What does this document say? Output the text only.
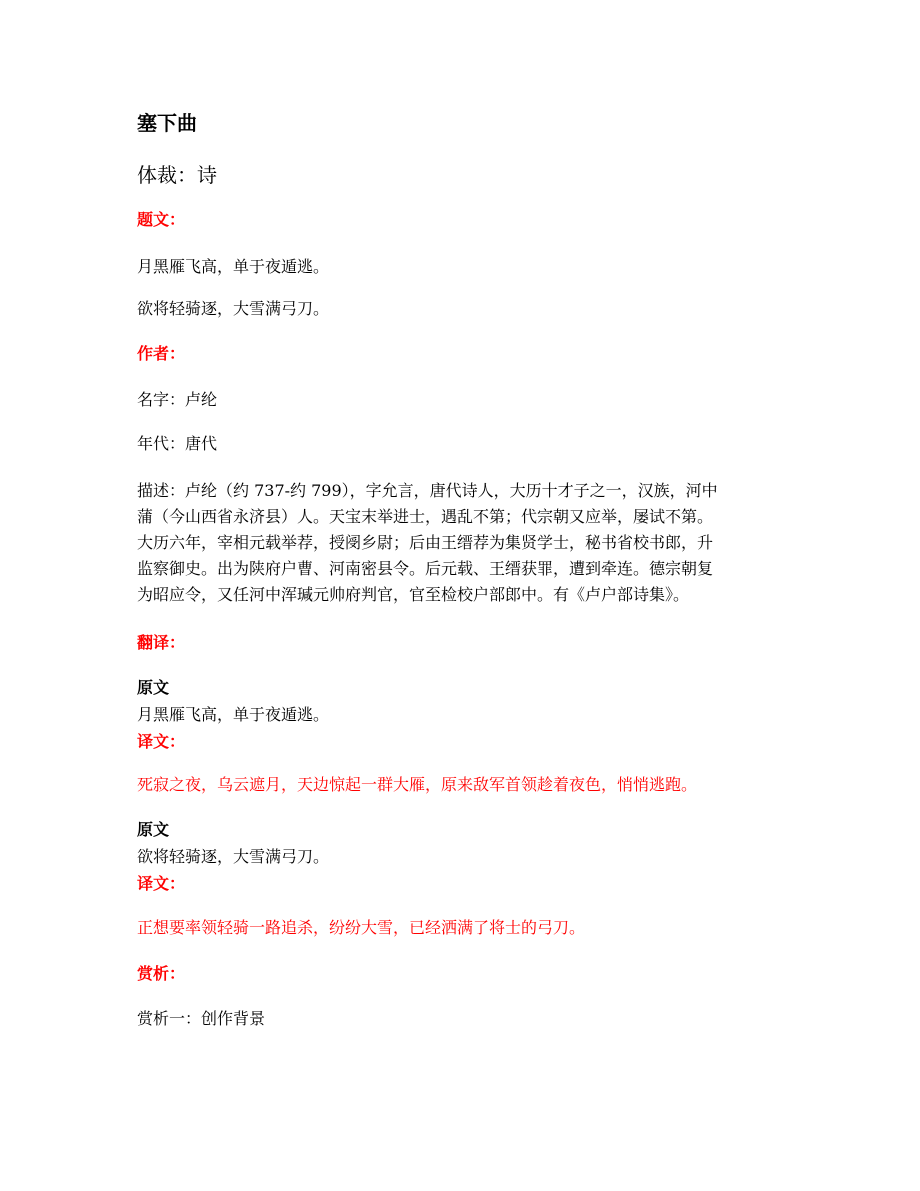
塞下曲
体裁：诗
题文：
月黑雁飞高，单于夜遁逃。
欲将轻骑逐，大雪满弓刀。
作者：
名字：卢纶
年代：唐代
描述：卢纶（约 737-约 799），字允言，唐代诗人，大历十才子之一，汉族，河中
蒲（今山西省永济县）人。天宝末举进士，遇乱不第；代宗朝又应举，屡试不第。
大历六年，宰相元载举荐，授阌乡尉；后由王缙荐为集贤学士，秘书省校书郎，升
监察御史。出为陕府户曹、河南密县令。后元载、王缙获罪，遭到牵连。德宗朝复
为昭应令，又任河中浑瑊元帅府判官，官至检校户部郎中。有《卢户部诗集》。
翻译：
原文
月黑雁飞高，单于夜遁逃。
译文：
死寂之夜，乌云遮月，天边惊起一群大雁，原来敌军首领趁着夜色，悄悄逃跑。
原文
欲将轻骑逐，大雪满弓刀。
译文：
正想要率领轻骑一路追杀，纷纷大雪，已经洒满了将士的弓刀。
赏析：
赏析一：创作背景
